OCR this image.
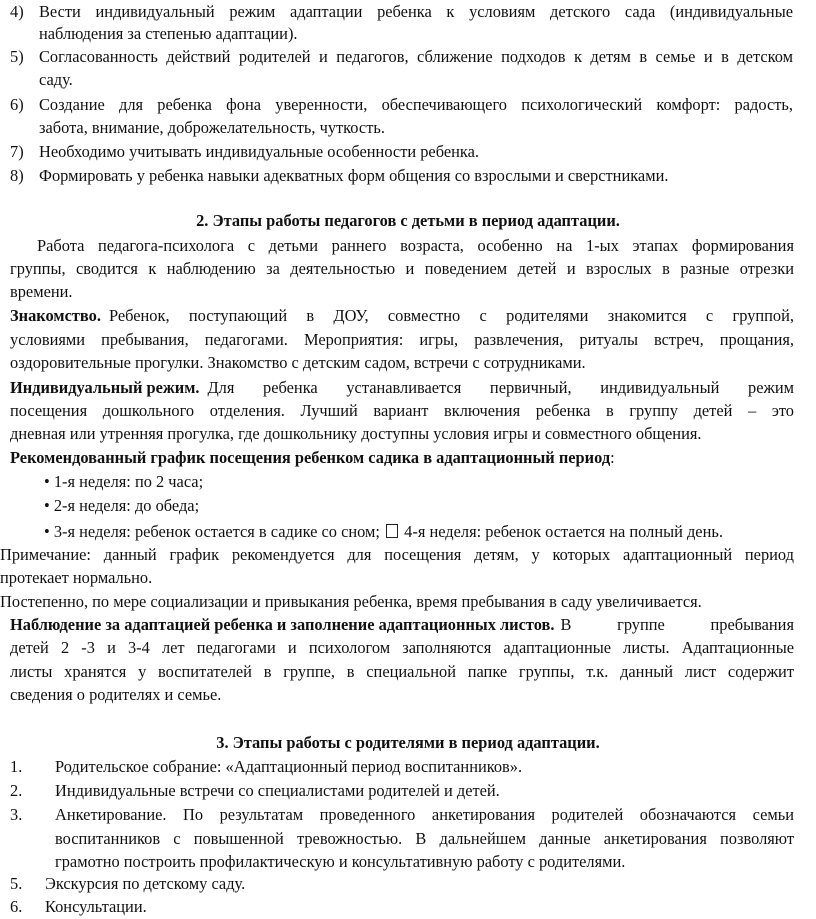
4) Вести индивидуальный режим адаптации ребенка к условиям детского сада (индивидуальные
наблюдения за степенью адаптации).
5) Согласованность действий родителей и педагогов, сближение подходов к детям в семье и в детском
саду.
6) Создание для ребенка фона уверенности, обеспечивающего психологический комфорт: радость,
забота, внимание, доброжелательность, чуткость.
7) Необходимо учитывать индивидуальные особенности ребенка.
8) Формировать у ребенка навыки адекватных форм общения со взрослыми и сверстниками.
2. Этапы работы педагогов с детьми в период адаптации.
Работа педагога-психолога с детьми раннего возраста, особенно на 1-ых этапах формирования
группы, сводится к наблюдению за деятельностью и поведением детей и взрослых в разные отрезки
времени.
Знакомство. Ребенок, поступающий в ДОУ, совместно с родителями знакомится с группой,
условиями пребывания, педагогами. Мероприятия: игры, развлечения, ритуалы встреч, прощания,
оздоровительные прогулки. Знакомство с детским садом, встречи с сотрудниками.
Индивидуальный режим. Для ребенка устанавливается первичный, индивидуальный режим
посещения дошкольного отделения. Лучший вариант включения ребенка в группу детей – это
дневная или утренняя прогулка, где дошкольнику доступны условия игры и совместного общения.
Рекомендованный график посещения ребенком садика в адаптационный период:
• 1-я неделя: по 2 часа;
• 2-я неделя: до обеда;
• 3-я неделя: ребенок остается в садике со сном; 4-я неделя: ребенок остается на полный день.
Примечание: данный график рекомендуется для посещения детям, у которых адаптационный период
протекает нормально.
Постепенно, по мере социализации и привыкания ребенка, время пребывания в саду увеличивается.
Наблюдение за адаптацией ребенка и заполнение адаптационных листов. В группе пребывания
детей 2 -3 и 3-4 лет педагогами и психологом заполняются адаптационные листы. Адаптационные
листы хранятся у воспитателей в группе, в специальной папке группы, т.к. данный лист содержит
сведения о родителях и семье.
3. Этапы работы с родителями в период адаптации.
1. Родительское собрание: «Адаптационный период воспитанников».
2. Индивидуальные встречи со специалистами родителей и детей.
3. Анкетирование. По результатам проведенного анкетирования родителей обозначаются семьи
воспитанников с повышенной тревожностью. В дальнейшем данные анкетирования позволяют
грамотно построить профилактическую и консультативную работу с родителями.
5. Экскурсия по детскому саду.
6. Консультации.
